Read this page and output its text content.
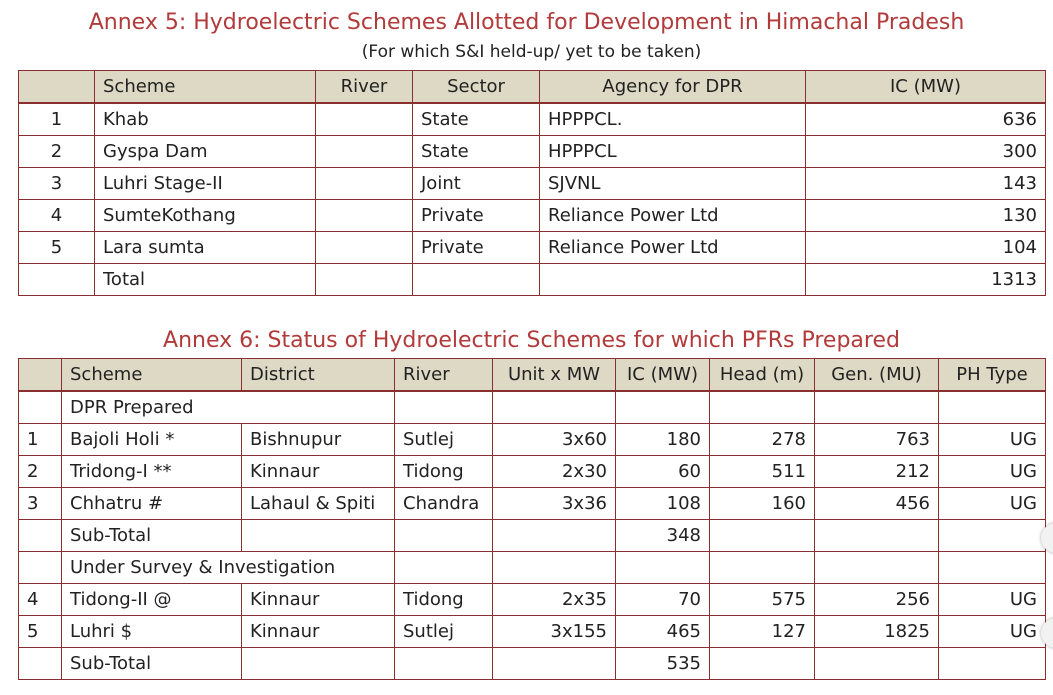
Annex 5: Hydroelectric Schemes Allotted for Development in Himachal Pradesh
(For which S&I held-up/ yet to be taken)
	Scheme	River	Sector	Agency for DPR	IC (MW)
1	Khab		State	HPPPCL.	636
2	Gyspa Dam		State	HPPPCL	300
3	Luhri Stage-II		Joint	SJVNL	143
4	SumteKothang		Private	Reliance Power Ltd	130
5	Lara sumta		Private	Reliance Power Ltd	104
	Total				1313
Annex 6: Status of Hydroelectric Schemes for which PFRs Prepared
	Scheme	District	River	Unit x MW	IC (MW)	Head (m)	Gen. (MU)	PH Type
	DPR Prepared							
1	Bajoli Holi *	Bishnupur	Sutlej	3x60	180	278	763	UG
2	Tridong-I **	Kinnaur	Tidong	2x30	60	511	212	UG
3	Chhatru #	Lahaul & Spiti	Chandra	3x36	108	160	456	UG
	Sub-Total				348			
	Under Survey & Investigation							
4	Tidong-II @	Kinnaur	Tidong	2x35	70	575	256	UG
5	Luhri $	Kinnaur	Sutlej	3x155	465	127	1825	UG
	Sub-Total				535			
